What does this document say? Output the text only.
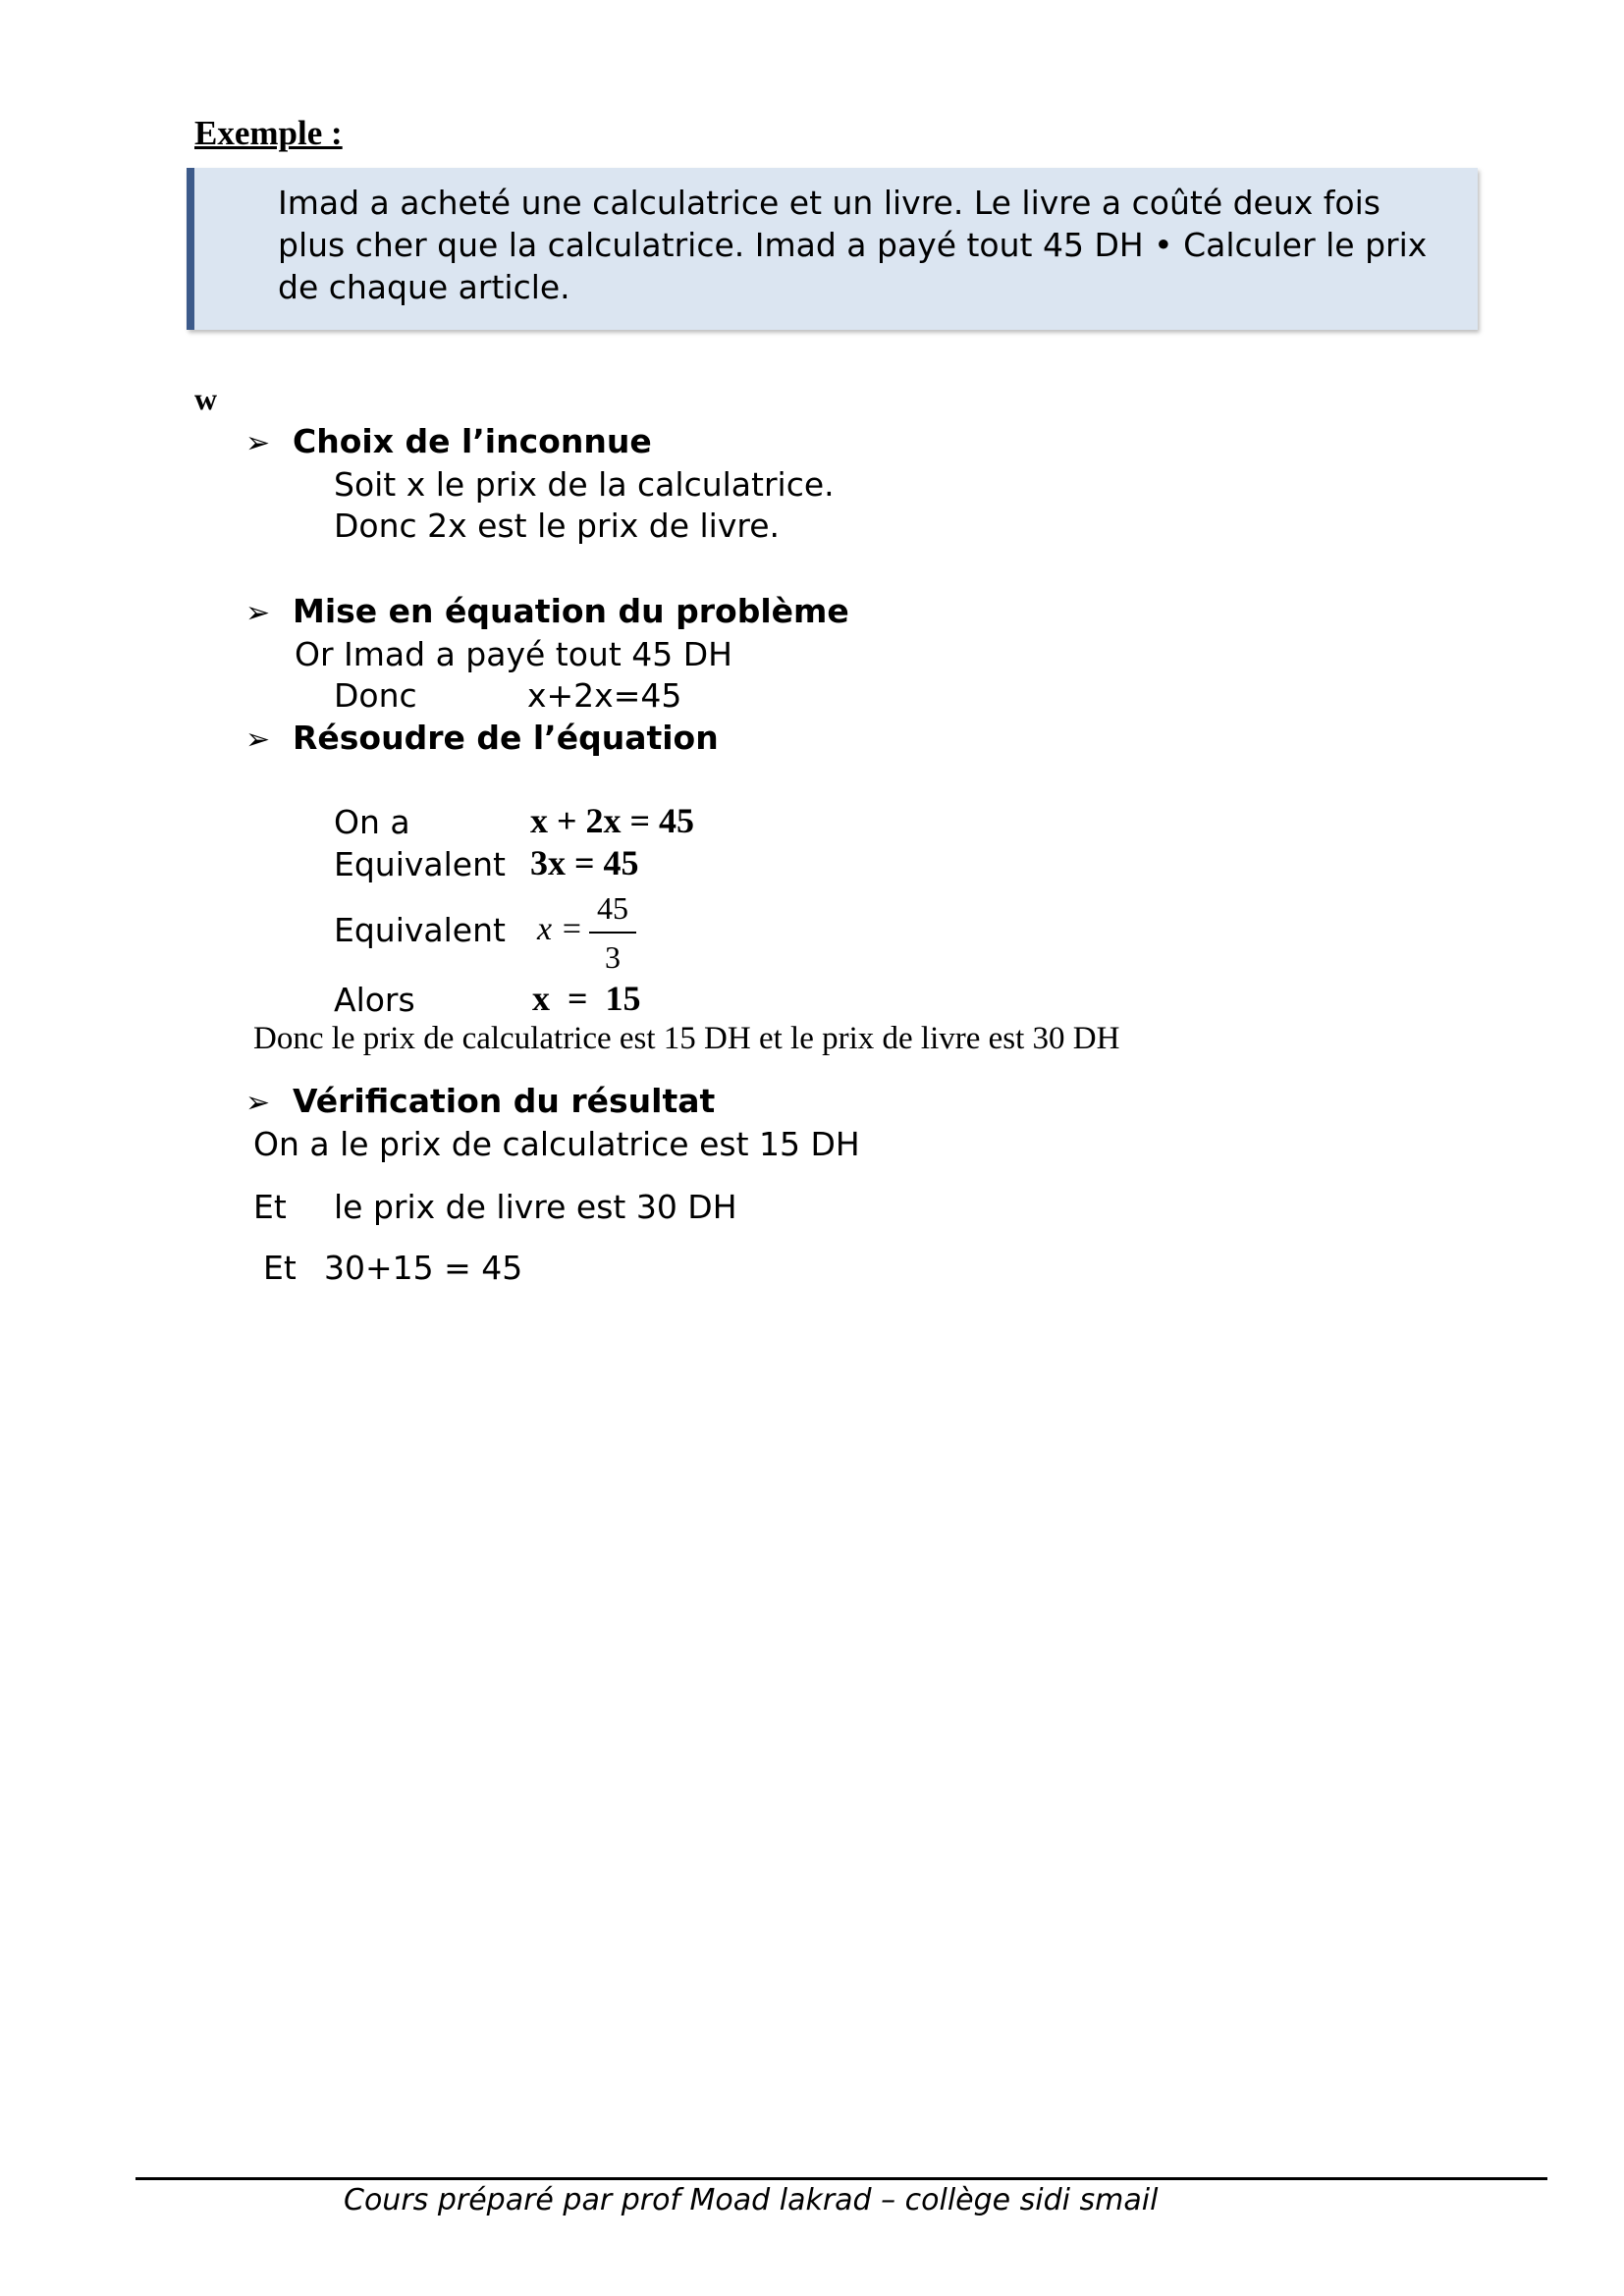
Exemple :
Imad a acheté une calculatrice et un livre. Le livre a coûté deux fois plus cher que la calculatrice. Imad a payé tout 45 DH • Calculer le prix de chaque article.
w
➢ Choix de l’inconnue
Soit x le prix de la calculatrice.
Donc 2x est le prix de livre.
➢ Mise en équation du problème
Or Imad a payé tout 45 DH
Donc	x+2x=45
➢ Résoudre de l’équation
On a	x + 2x = 45
Equivalent 3x = 45
Equivalent x =
45
3
Alors	x  =  15
Donc le prix de calculatrice est 15 DH et le prix de livre est 30 DH
➢ Vérification du résultat
On a le prix de calculatrice est 15 DH
Et le prix de livre est 30 DH
Et 30+15 = 45
Cours préparé par prof Moad lakrad – collège sidi smail
